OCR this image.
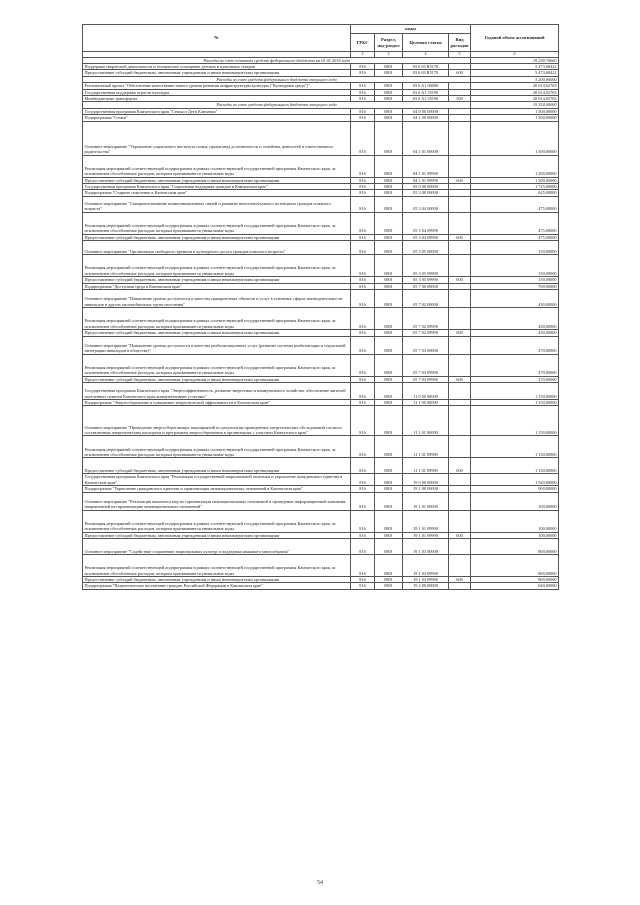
№	коды				Годовой объем ассигнований	
	ГРБС	Раздел, под-раздел	Целевая статья	Вид расходов		
	2	3	4	5	6	
Расходы за счет остатков средств федерального бюджета на 01.01.2019 года					19 239,70660	
Поддержка творческой деятельности и техническое оснащение детских и кукольных театров	816	0801	03 6 03 R5170		5 473,68422	
Предоставление субсидий бюджетным, автономным учреждениям и иным некоммерческим организациям	816	0801	03 6 03 R5170	600	5 473,68422	
Расходы за счет средств федерального бюджета текущего года					5 200,00000	
Региональный проект "Обеспечение качественно нового уровня развития инфраструктуры культуры ("Культурная среда")"	816	0801	03 6 A1 00000		20 014,02763	
Государственная поддержка отрасли культуры	816	0801	03 6 A1 55190		20 014,02763	
Межбюджетные трансферты	816	0801	03 6 A1 55190	500	20 014,02763	
Расходы за счет средств федерального бюджета текущего года					19 554,00000	
Государственная программа Камчатского края "Семья и Дети Камчатки"	816	0801	04 0 00 00000		1 500,00000	
Подпрограмма "Семья"	816	0801	04 1 00 00000		1 500,00000	
Основное мероприятие "Укрепление социального института семьи, пропаганда долговечности и семейных ценностей и ответственного родительства"	816	0801	04 1 01 00000		1 500,00000	
Реализация мероприятий соответствующей подпрограммы в рамках соответствующей государственной программы Камчатского края, за исключением обособленных расходов, которым присваиваются уникальные коды	816	0801	04 1 01 09990		1 500,00000	
Предоставление субсидий бюджетным, автономным учреждениям и иным некоммерческим организациям	816	0801	04 1 01 09990	600	1 500,00000	
Государственная программа Камчатского края "Социальная поддержка граждан в Камчатском крае"	816	0801	05 0 00 00000		1 725,00000	
Подпрограмма "Старшее поколение в Камчатском крае"	816	0801	05 3 00 00000		625,00000	
Основное мероприятие "Совершенствование коммуникационных связей и развитие интеллектуального потенциала граждан пожилого возраста"	816	0801	05 3 04 00000		475,00000	
Реализация мероприятий соответствующей подпрограммы в рамках соответствующей государственной программы Камчатского края, за исключением обособленных расходов, которым присваиваются уникальные коды	816	0801	05 3 04 09990		475,00000	
Предоставление субсидий бюджетным, автономным учреждениям и иным некоммерческим организациям	816	0801	05 3 04 09990	600	475,00000	
Основное мероприятие "Организация свободного времени и культурного досуга граждан пожилого возраста"	816	0801	05 3 05 00000		150,00000	
Реализация мероприятий соответствующей подпрограммы в рамках соответствующей государственной программы Камчатского края, за исключением обособленных расходов, которым присваиваются уникальные коды	816	0801	05 3 05 09990		150,00000	
Предоставление субсидий бюджетным, автономным учреждениям и иным некоммерческим организациям	816	0801	05 3 05 09990	600	150,00000	
Подпрограмма "Доступная среда в Камчатском крае"	816	0801	05 7 00 00000		700,00000	
Основное мероприятие "Повышение уровня доступности и качества приоритетных объектов и услуг в основных сферах жизнедеятельности инвалидов и других маломобильных групп населения"	816	0801	05 7 02 00000		430,00000	
Реализация мероприятий соответствующей подпрограммы в рамках соответствующей государственной программы Камчатского края, за исключением обособленных расходов, которым присваиваются уникальные коды	816	0801	05 7 02 09990		430,00000	
Предоставление субсидий бюджетным, автономным учреждениям и иным некоммерческим организациям	816	0801	05 7 02 09990	600	430,00000	
Основное мероприятие "Повышение уровня доступности и качества реабилитационных услуг (развитие системы реабилитации и социальной интеграции инвалидов в обществе)"	816	0801	05 7 03 00000		270,00000	
Реализация мероприятий соответствующей подпрограммы в рамках соответствующей государственной программы Камчатского края, за исключением обособленных расходов, которым присваиваются уникальные коды	816	0801	05 7 03 09990		270,00000	
Предоставление субсидий бюджетным, автономным учреждениям и иным некоммерческим организациям	816	0801	05 7 03 09990	600	270,00000	
Государственная программа Камчатского края "Энергоэффективность, развитие энергетики и коммунального хозяйства, обеспечение жителей населенных пунктов Камчатского края коммунальными услугами"	816	0801	11 0 00 00000		1 150,00000	
Подпрограмма "Энергосбережение и повышение энергетической эффективности в Камчатском крае"	816	0801	11 1 00 00000		1 150,00000	
Основное мероприятие "Проведение энергосберегающих мероприятий по результатам проведенных энергетических обследований согласно составленным энергетическим паспортам и программам энергосбережения в организациях с участием Камчатского края"	816	0801	11 1 01 00000		1 150,00000	
Реализация мероприятий соответствующей подпрограммы в рамках соответствующей государственной программы Камчатского края, за исключением обособленных расходов, которым присваиваются уникальные коды	816	0801	11 1 01 09990		1 150,00000	
Предоставление субсидий бюджетным, автономным учреждениям и иным некоммерческим организациям	816	0801	11 1 01 09990	600	1 150,00000	
Государственная программа Камчатского края "Реализация государственной национальной политики и укрепление гражданского единства в Камчатском крае"	816	0801	19 0 00 00000		1 540,00000	
Подпрограмма "Укрепление гражданского единства и гармонизация межнациональных отношений в Камчатском крае"	816	0801	19 1 00 00000		900,00000	
Основное мероприятие "Реализация комплекса мер по гармонизации межнациональных отношений и проведение информационной кампании, направленной на гармонизацию межнациональных отношений"	816	0801	19 1 01 00000		100,00000	
Реализация мероприятий соответствующей подпрограммы в рамках соответствующей государственной программы Камчатского края, за исключением обособленных расходов, которым присваиваются уникальные коды	816	0801	19 1 01 09990		100,00000	
Предоставление субсидий бюджетным, автономным учреждениям и иным некоммерческим организациям	816	0801	19 1 01 09990	600	100,00000	
Основное мероприятие "Содействие сохранению национальных культур и поддержка языкового многообразия"	816	0801	19 1 03 00000		800,00000	
Реализация мероприятий соответствующей подпрограммы в рамках соответствующей государственной программы Камчатского края, за исключением обособленных расходов, которым присваиваются уникальные коды	816	0801	19 1 03 09990		800,00000	
Предоставление субсидий бюджетным, автономным учреждениям и иным некоммерческим организациям	816	0801	19 1 03 09990	600	800,00000	
Подпрограмма "Патриотическое воспитание граждан Российской Федерации в Камчатском крае"	816	0801	19 2 00 00000		640,00000	
54
